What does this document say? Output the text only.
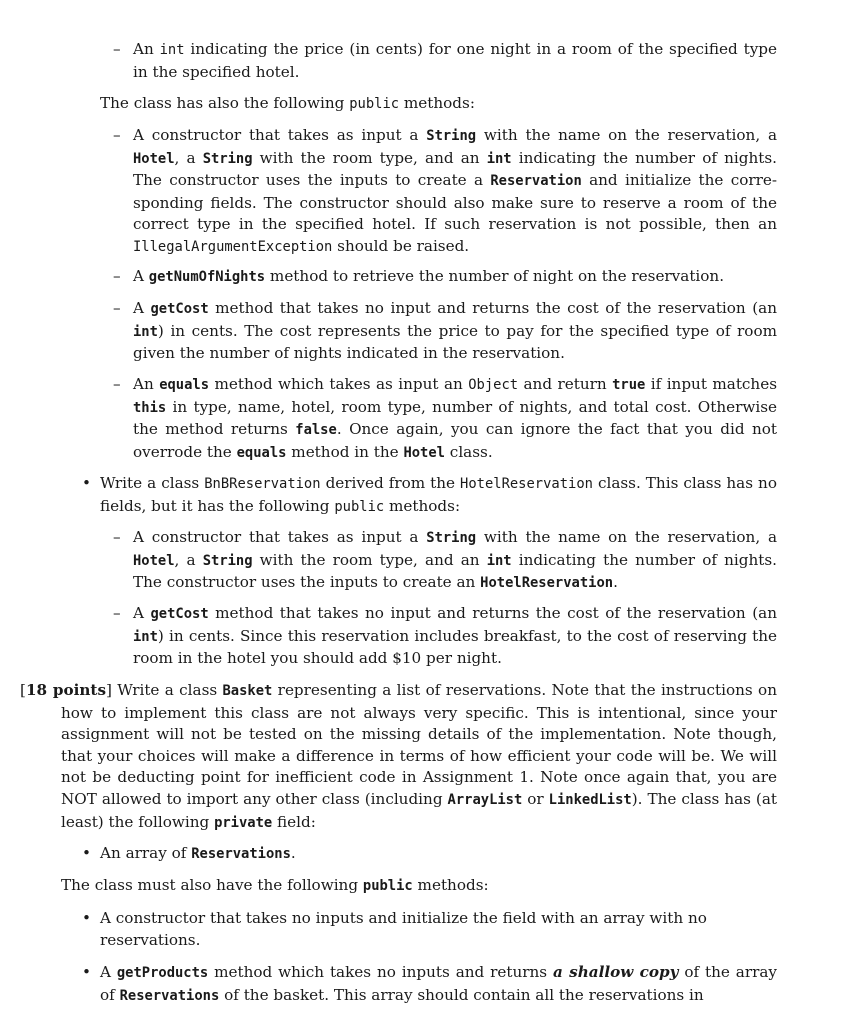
– An int indicating the price (in cents) for one night in a room of the specified type in the specified hotel.
The class has also the following public methods:
– A constructor that takes as input a String with the name on the reservation, a Hotel, a String with the room type, and an int indicating the number of nights. The constructor uses the inputs to create a Reservation and initialize the corre-sponding fields. The constructor should also make sure to reserve a room of the correct type in the specified hotel. If such reservation is not possible, then an IllegalArgumentException should be raised.
– A getNumOfNights method to retrieve the number of night on the reservation.
– A getCost method that takes no input and returns the cost of the reservation (an int) in cents. The cost represents the price to pay for the specified type of room given the number of nights indicated in the reservation.
– An equals method which takes as input an Object and return true if input matches this in type, name, hotel, room type, number of nights, and total cost. Otherwise the method returns false. Once again, you can ignore the fact that you did not overrode the equals method in the Hotel class.
• Write a class BnBReservation derived from the HotelReservation class. This class has no fields, but it has the following public methods:
– A constructor that takes as input a String with the name on the reservation, a Hotel, a String with the room type, and an int indicating the number of nights. The constructor uses the inputs to create an HotelReservation.
– A getCost method that takes no input and returns the cost of the reservation (an int) in cents. Since this reservation includes breakfast, to the cost of reserving the room in the hotel you should add $10 per night.
[18 points] Write a class Basket representing a list of reservations. Note that the instructions on how to implement this class are not always very specific. This is intentional, since your assignment will not be tested on the missing details of the implementation. Note though, that your choices will make a difference in terms of how efficient your code will be. We will not be deducting point for inefficient code in Assignment 1. Note once again that, you are NOT allowed to import any other class (including ArrayList or LinkedList). The class has (at least) the following private field:
• An array of Reservations.
The class must also have the following public methods:
• A constructor that takes no inputs and initialize the field with an array with no reservations.
• A getProducts method which takes no inputs and returns a shallow copy of the array of Reservations of the basket. This array should contain all the reservations in
